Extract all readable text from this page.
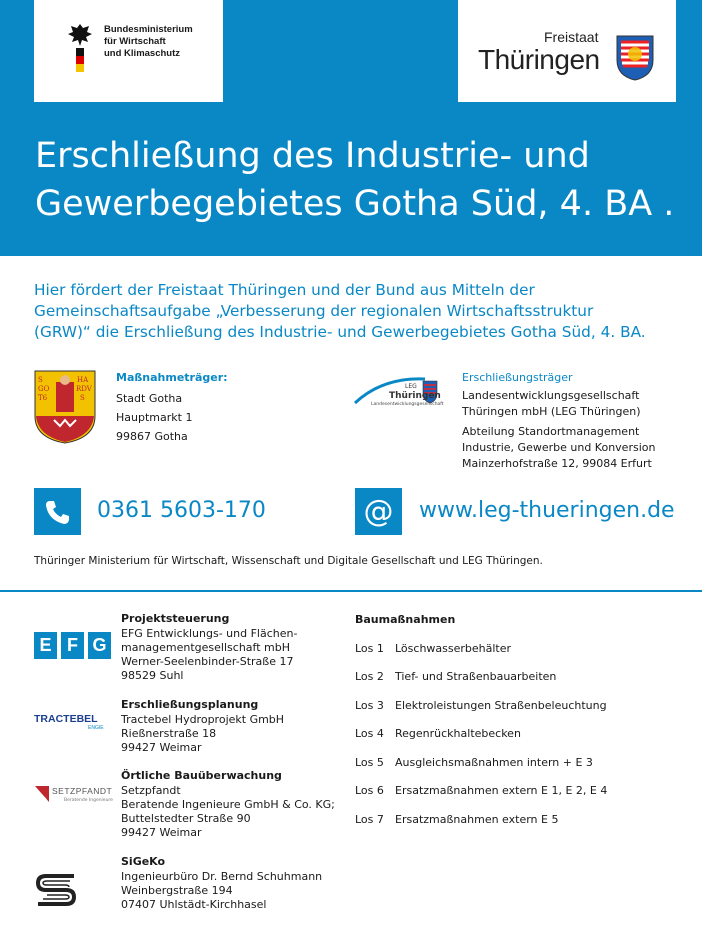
Bundesministerium
für Wirtschaft
und Klimaschutz
Freistaat
Thüringen
Erschließung des Industrie- und
Gewerbegebietes Gotha Süd, 4. BA .
Hier fördert der Freistaat Thüringen und der Bund aus Mitteln der
Gemeinschaftsaufgabe „Verbesserung der regionalen Wirtschaftsstruktur
(GRW)“ die Erschließung des Industrie- und Gewerbegebietes Gotha Süd, 4. BA.
S
GO
T6
HA
RDV
S
Maßnahmeträger:
Stadt Gotha
Hauptmarkt 1
99867 Gotha
LEG
Thüringen
Landesentwicklungsgesellschaft
Erschließungsträger
Landesentwicklungsgesellschaft
Thüringen mbH (LEG Thüringen)
Abteilung Standortmanagement
Industrie, Gewerbe und Konversion
Mainzerhofstraße 12, 99084 Erfurt
0361 5603-170	@ www.leg-thueringen.de
Thüringer Ministerium für Wirtschaft, Wissenschaft und Digitale Gesellschaft und LEG Thüringen.
E F G
TRACTEBEL
ENGIE
SETZPFANDT
Beratende Ingenieure
Projektsteuerung
EFG Entwicklungs- und Flächen-
managementgesellschaft mbH
Werner-Seelenbinder-Straße 17
98529 Suhl
Erschließungsplanung
Tractebel Hydroprojekt GmbH
Rießnerstraße 18
99427 Weimar
Örtliche Bauüberwachung
Setzpfandt
Beratende Ingenieure GmbH & Co. KG;
Buttelstedter Straße 90
99427 Weimar
SiGeKo
Ingenieurbüro Dr. Bernd Schuhmann
Weinbergstraße 194
07407 Uhlstädt-Kirchhasel
Baumaßnahmen
Los 1 Löschwasserbehälter
Los 2 Tief- und Straßenbauarbeiten
Los 3 Elektroleistungen Straßenbeleuchtung
Los 4 Regenrückhaltebecken
Los 5 Ausgleichsmaßnahmen intern + E 3
Los 6 Ersatzmaßnahmen extern E 1, E 2, E 4
Los 7 Ersatzmaßnahmen extern E 5
